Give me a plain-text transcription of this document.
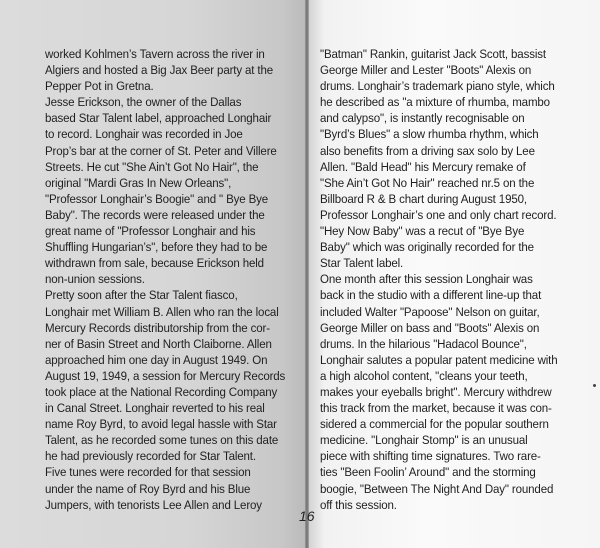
worked Kohlmen’s Tavern across the river in
Algiers and hosted a Big Jax Beer party at the
Pepper Pot in Gretna.
Jesse Erickson, the owner of the Dallas
based Star Talent label, approached Longhair
to record. Longhair was recorded in Joe
Prop’s bar at the corner of St. Peter and Villere
Streets. He cut "She Ain’t Got No Hair", the
original "Mardi Gras In New Orleans",
"Professor Longhair’s Boogie" and " Bye Bye
Baby". The records were released under the
great name of "Professor Longhair and his
Shuffling Hungarian’s", before they had to be
withdrawn from sale, because Erickson held
non-union sessions.
Pretty soon after the Star Talent fiasco,
Longhair met William B. Allen who ran the local
Mercury Records distributorship from the cor-
ner of Basin Street and North Claiborne. Allen
approached him one day in August 1949. On
August 19, 1949, a session for Mercury Records
took place at the National Recording Company
in Canal Street. Longhair reverted to his real
name Roy Byrd, to avoid legal hassle with Star
Talent, as he recorded some tunes on this date
he had previously recorded for Star Talent.
Five tunes were recorded for that session
under the name of Roy Byrd and his Blue
Jumpers, with tenorists Lee Allen and Leroy
"Batman" Rankin, guitarist Jack Scott, bassist
George Miller and Lester "Boots" Alexis on
drums. Longhair’s trademark piano style, which
he described as "a mixture of rhumba, mambo
and calypso", is instantly recognisable on
"Byrd’s Blues" a slow rhumba rhythm, which
also benefits from a driving sax solo by Lee
Allen. "Bald Head" his Mercury remake of
"She Ain’t Got No Hair" reached nr.5 on the
Billboard R & B chart during August 1950,
Professor Longhair’s one and only chart record.
"Hey Now Baby" was a recut of "Bye Bye
Baby" which was originally recorded for the
Star Talent label.
One month after this session Longhair was
back in the studio with a different line-up that
included Walter "Papoose" Nelson on guitar,
George Miller on bass and "Boots" Alexis on
drums. In the hilarious "Hadacol Bounce",
Longhair salutes a popular patent medicine with
a high alcohol content, "cleans your teeth,
makes your eyeballs bright". Mercury withdrew
this track from the market, because it was con-
sidered a commercial for the popular southern
medicine. "Longhair Stomp" is an unusual
piece with shifting time signatures. Two rare-
ties "Been Foolin’ Around" and the storming
boogie, "Between The Night And Day" rounded
off this session.
16
